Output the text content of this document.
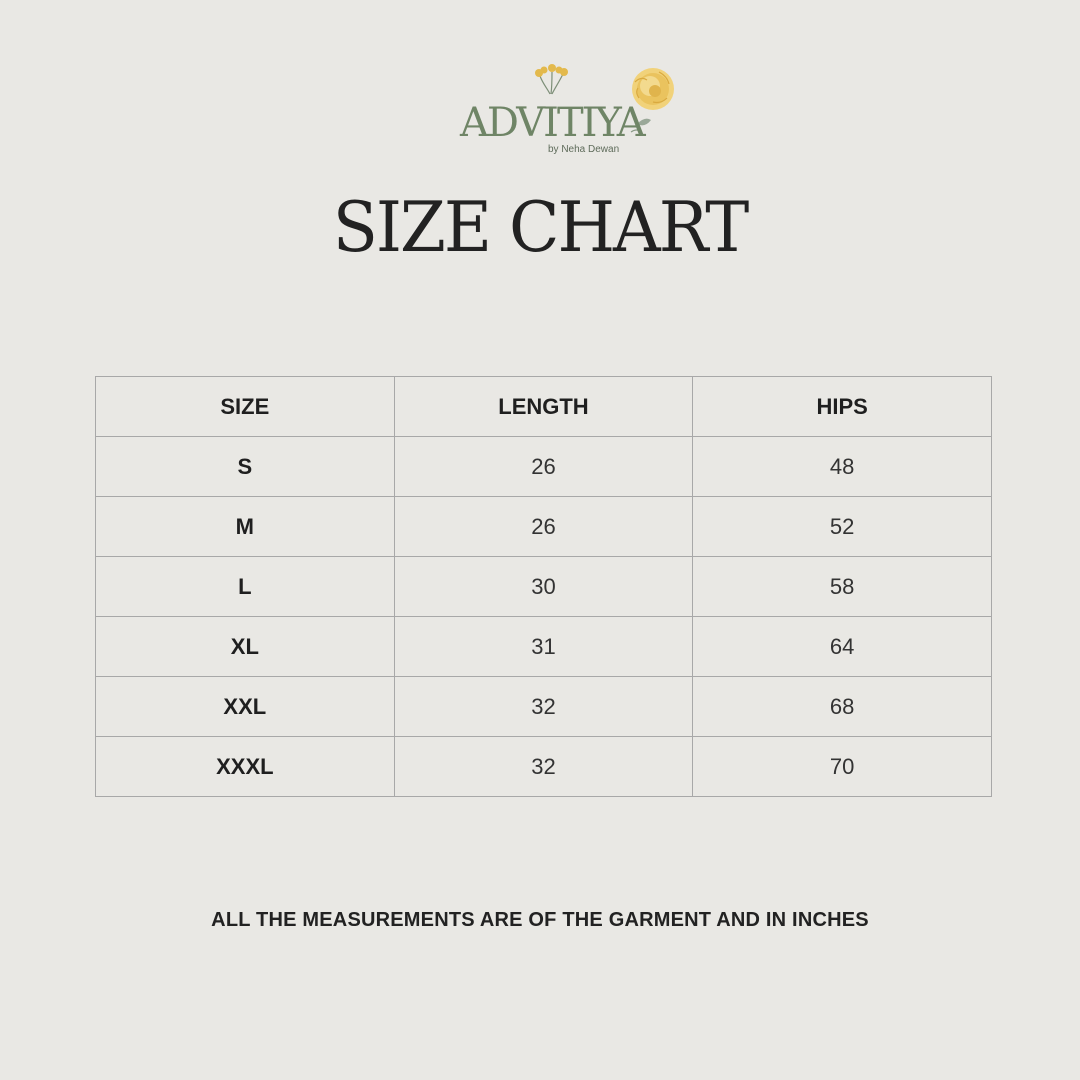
ADVITIYA
by Neha Dewan
SIZE CHART
SIZE	LENGTH	HIPS
S	26	48
M	26	52
L	30	58
XL	31	64
XXL	32	68
XXXL	32	70
ALL THE MEASUREMENTS ARE OF THE GARMENT AND IN INCHES
